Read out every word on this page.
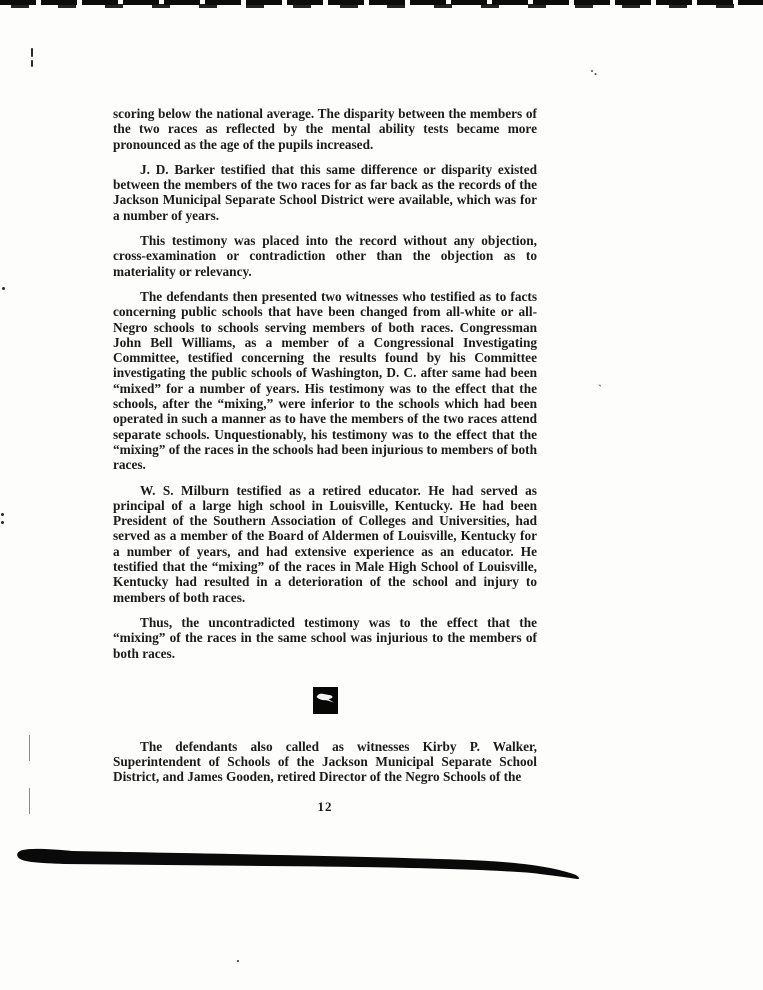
·.
`

scoring below the national average. The disparity between the members of the two races as reflected by the mental ability tests became more pronounced as the age of the pupils increased.

J. D. Barker testified that this same difference or disparity existed between the members of the two races for as far back as the records of the Jackson Municipal Separate School District were available, which was for a number of years.

This testimony was placed into the record without any objection, cross-examination or contradiction other than the objection as to materiality or relevancy.

The defendants then presented two witnesses who testified as to facts concerning public schools that have been changed from all-white or all-Negro schools to schools serving members of both races. Congressman John Bell Williams, as a member of a Congressional Investigating Committee, testified concerning the results found by his Committee investigating the public schools of Washington, D. C. after same had been “mixed” for a number of years. His testimony was to the effect that the schools, after the “mixing,” were inferior to the schools which had been operated in such a manner as to have the members of the two races attend separate schools. Unquestionably, his testimony was to the effect that the “mixing” of the races in the schools had been injurious to members of both races.

W. S. Milburn testified as a retired educator. He had served as principal of a large high school in Louisville, Kentucky. He had been President of the Southern Association of Colleges and Universities, had served as a member of the Board of Aldermen of Louisville, Kentucky for a number of years, and had extensive experience as an educator. He testified that the “mixing” of the races in Male High School of Louisville, Kentucky had resulted in a deterioration of the school and injury to members of both races.

Thus, the uncontradicted testimony was to the effect that the “mixing” of the races in the same school was injurious to the members of both races.

The defendants also called as witnesses Kirby P. Walker, Superintendent of Schools of the Jackson Municipal Separate School District, and James Gooden, retired Director of the Negro Schools of the

12
